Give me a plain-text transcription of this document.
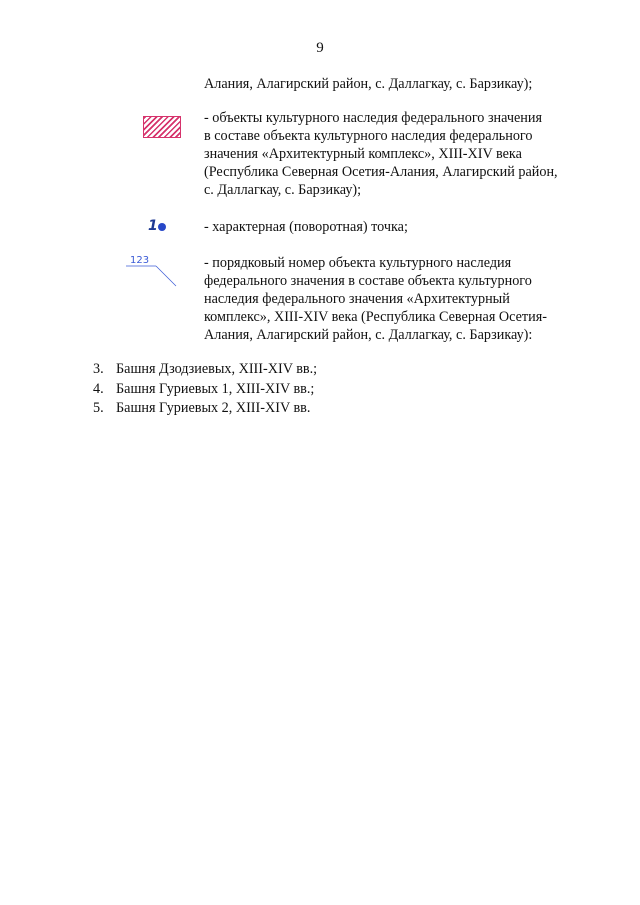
9
Алания, Алагирский район, с. Даллагкау, с. Барзикау);
- объекты культурного наследия федерального значения
в составе объекта культурного наследия федерального
значения «Архитектурный комплекс», XIII-XIV века
(Республика Северная Осетия-Алания, Алагирский район,
с. Даллагкау, с. Барзикау);
1	- характерная (поворотная) точка;
123	- порядковый номер объекта культурного наследия
федерального значения в составе объекта культурного
наследия федерального значения «Архитектурный
комплекс», XIII-XIV века (Республика Северная Осетия-
Алания, Алагирский район, с. Даллагкау, с. Барзикау):
3. Башня Дзодзиевых, XIII-XIV вв.;
4. Башня Гуриевых 1, XIII-XIV вв.;
5. Башня Гуриевых 2, XIII-XIV вв.
